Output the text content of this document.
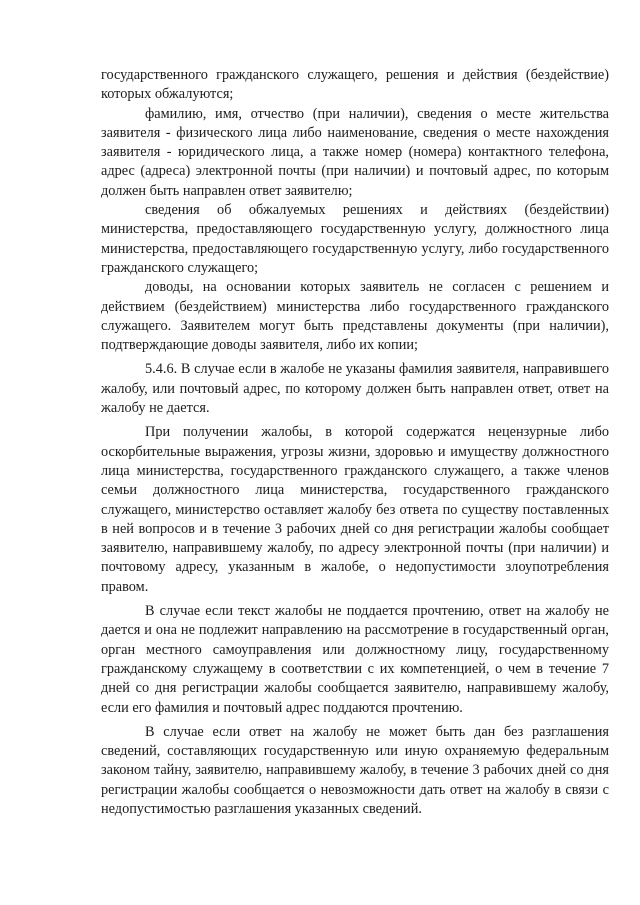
государственного гражданского служащего, решения и действия (бездействие) которых обжалуются;

фамилию, имя, отчество (при наличии), сведения о месте жительства заявителя - физического лица либо наименование, сведения о месте нахождения заявителя - юридического лица, а также номер (номера) контактного телефона, адрес (адреса) электронной почты (при наличии) и почтовый адрес, по которым должен быть направлен ответ заявителю;

сведения об обжалуемых решениях и действиях (бездействии) министерства, предоставляющего государственную услугу, должностного лица министерства, предоставляющего государственную услугу, либо государственного гражданского служащего;

доводы, на основании которых заявитель не согласен с решением и действием (бездействием) министерства либо государственного гражданского служащего. Заявителем могут быть представлены документы (при наличии), подтверждающие доводы заявителя, либо их копии;

5.4.6. В случае если в жалобе не указаны фамилия заявителя, направившего жалобу, или почтовый адрес, по которому должен быть направлен ответ, ответ на жалобу не дается.

При получении жалобы, в которой содержатся нецензурные либо оскорбительные выражения, угрозы жизни, здоровью и имуществу должностного лица министерства, государственного гражданского служащего, а также членов семьи должностного лица министерства, государственного гражданского служащего, министерство оставляет жалобу без ответа по существу поставленных в ней вопросов и в течение 3 рабочих дней со дня регистрации жалобы сообщает заявителю, направившему жалобу, по адресу электронной почты (при наличии) и почтовому адресу, указанным в жалобе, о недопустимости злоупотребления правом.

В случае если текст жалобы не поддается прочтению, ответ на жалобу не дается и она не подлежит направлению на рассмотрение в государственный орган, орган местного самоуправления или должностному лицу, государственному гражданскому служащему в соответствии с их компетенцией, о чем в течение 7 дней со дня регистрации жалобы сообщается заявителю, направившему жалобу, если его фамилия и почтовый адрес поддаются прочтению.

В случае если ответ на жалобу не может быть дан без разглашения сведений, составляющих государственную или иную охраняемую федеральным законом тайну, заявителю, направившему жалобу, в течение 3 рабочих дней со дня регистрации жалобы сообщается о невозможности дать ответ на жалобу в связи с недопустимостью разглашения указанных сведений.
